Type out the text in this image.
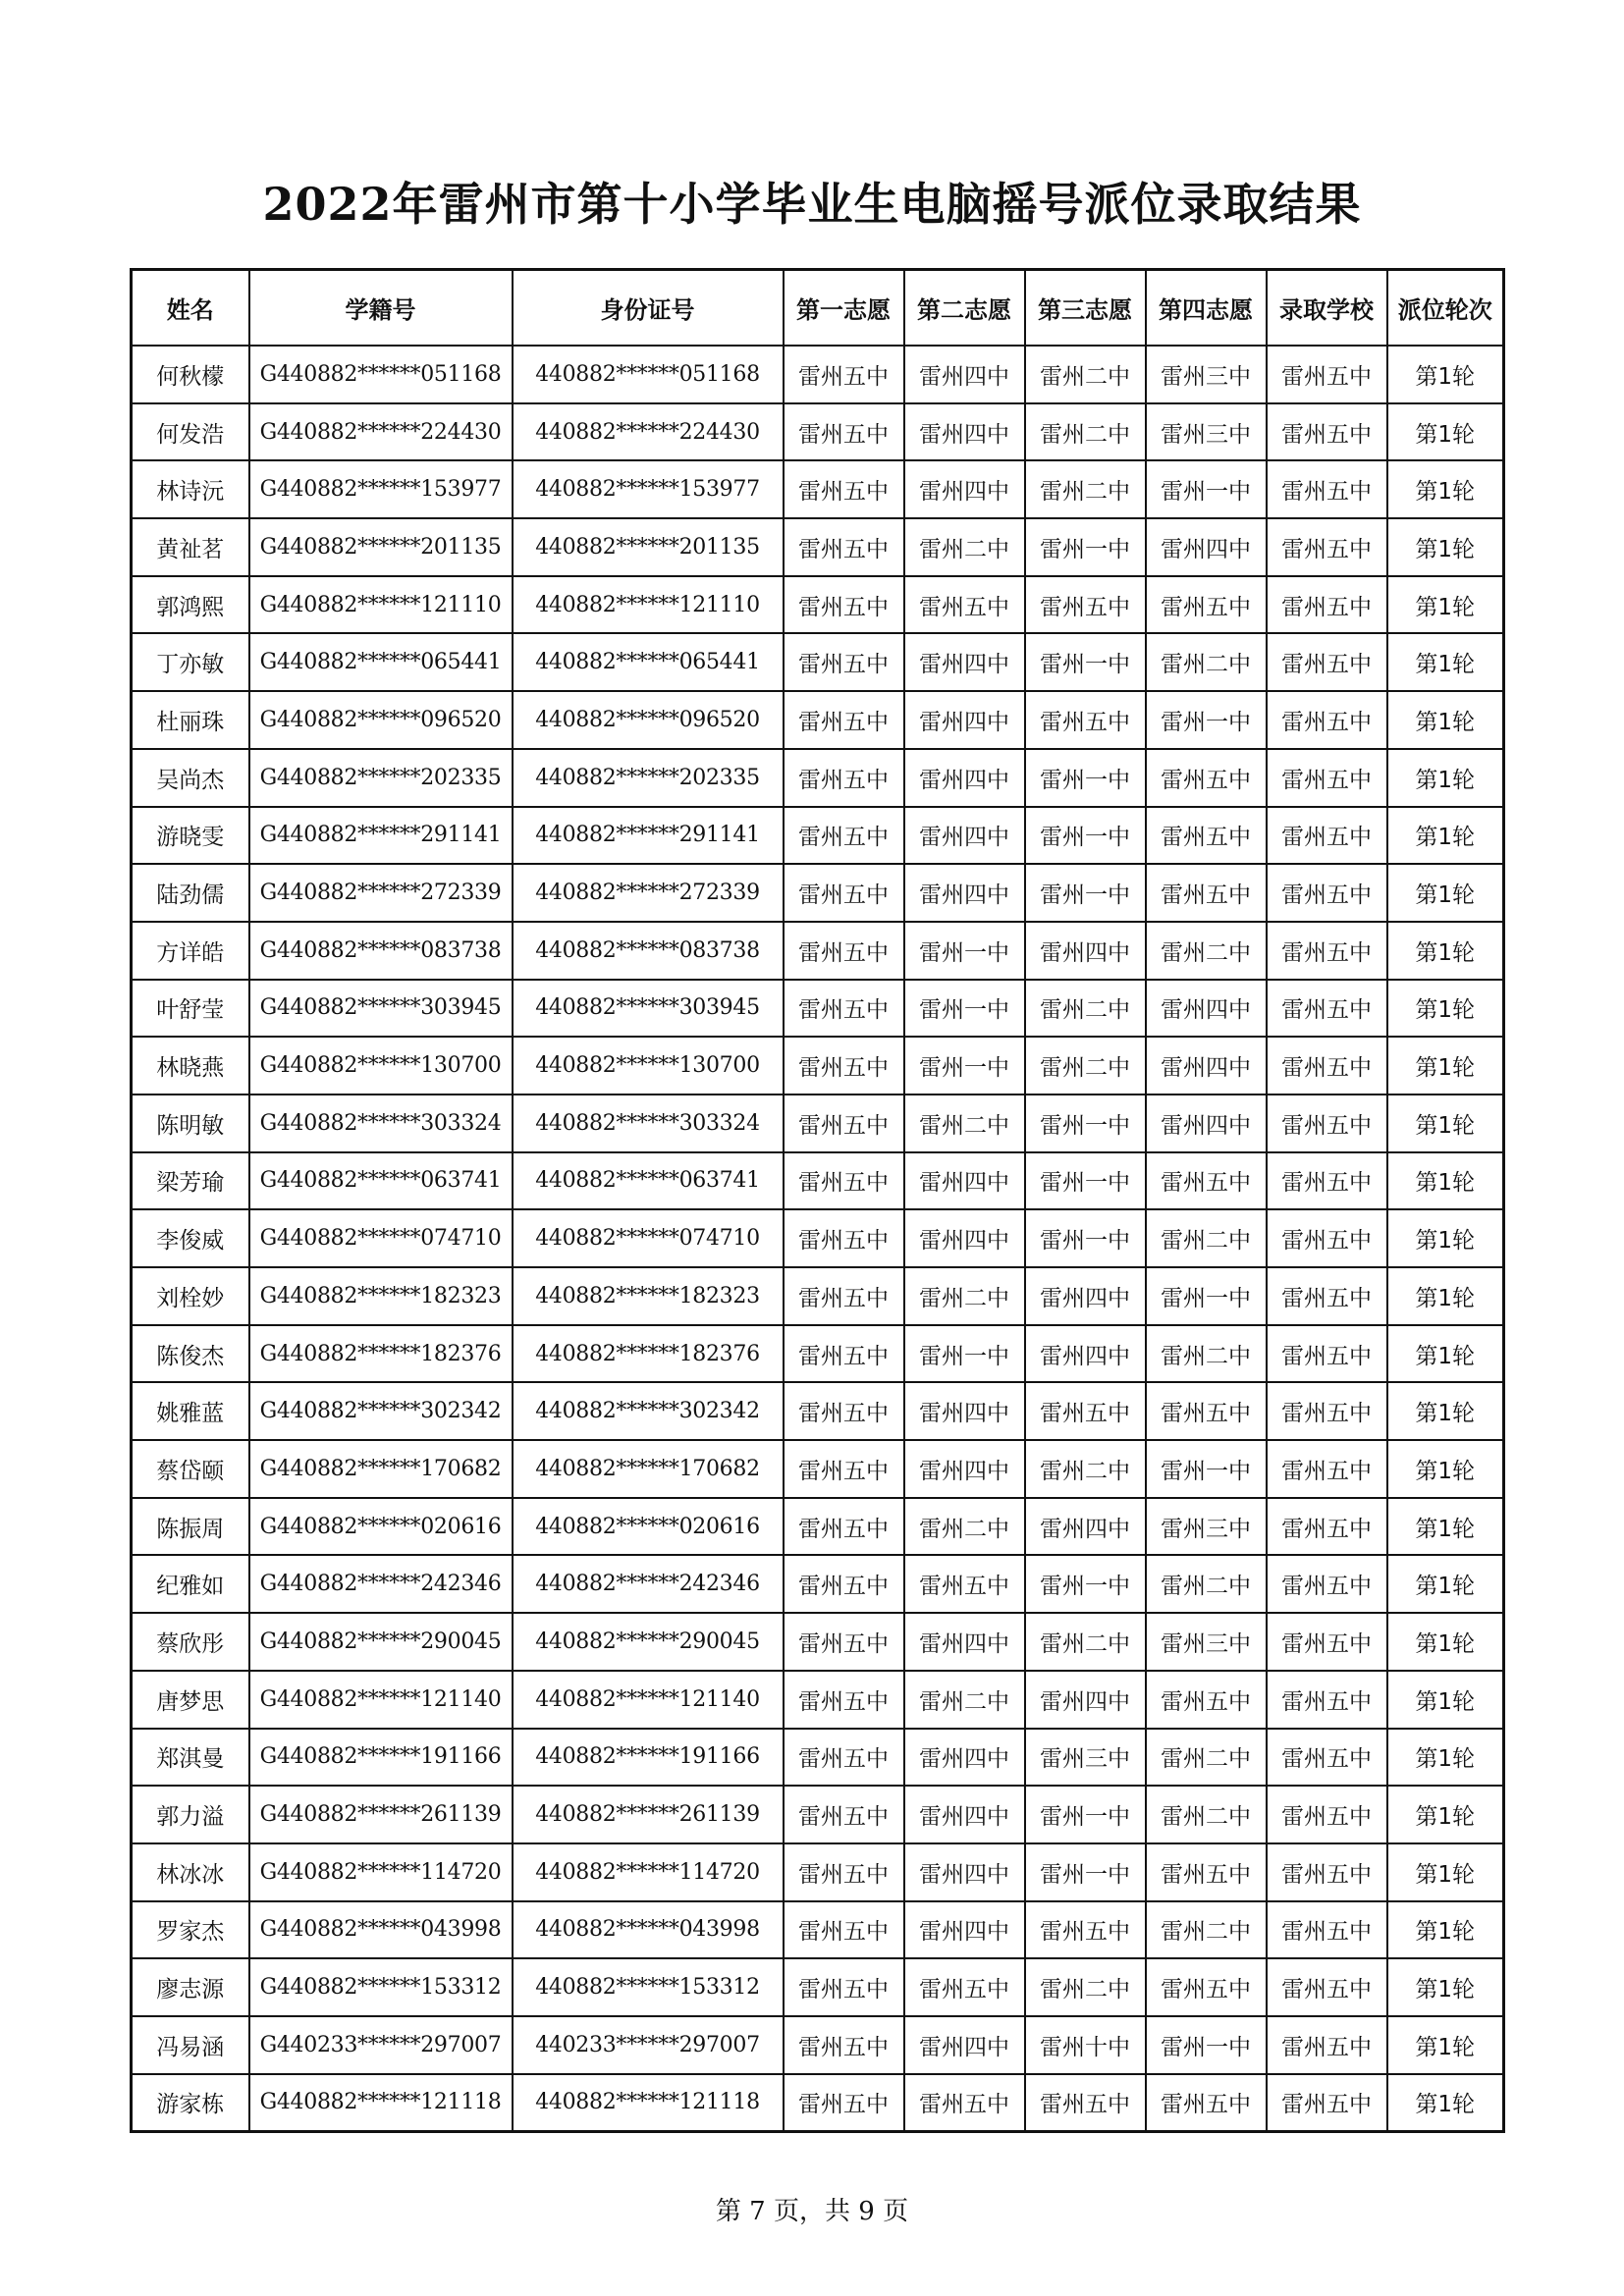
2022年雷州市第十小学毕业生电脑摇号派位录取结果
姓名	学籍号	身份证号	第一志愿	第二志愿	第三志愿	第四志愿	录取学校	派位轮次
何秋檬	G440882******051168	440882******051168	雷州五中	雷州四中	雷州二中	雷州三中	雷州五中	第1轮
何发浩	G440882******224430	440882******224430	雷州五中	雷州四中	雷州二中	雷州三中	雷州五中	第1轮
林诗沅	G440882******153977	440882******153977	雷州五中	雷州四中	雷州二中	雷州一中	雷州五中	第1轮
黄祉茗	G440882******201135	440882******201135	雷州五中	雷州二中	雷州一中	雷州四中	雷州五中	第1轮
郭鸿熙	G440882******121110	440882******121110	雷州五中	雷州五中	雷州五中	雷州五中	雷州五中	第1轮
丁亦敏	G440882******065441	440882******065441	雷州五中	雷州四中	雷州一中	雷州二中	雷州五中	第1轮
杜丽珠	G440882******096520	440882******096520	雷州五中	雷州四中	雷州五中	雷州一中	雷州五中	第1轮
吴尚杰	G440882******202335	440882******202335	雷州五中	雷州四中	雷州一中	雷州五中	雷州五中	第1轮
游晓雯	G440882******291141	440882******291141	雷州五中	雷州四中	雷州一中	雷州五中	雷州五中	第1轮
陆劲儒	G440882******272339	440882******272339	雷州五中	雷州四中	雷州一中	雷州五中	雷州五中	第1轮
方详皓	G440882******083738	440882******083738	雷州五中	雷州一中	雷州四中	雷州二中	雷州五中	第1轮
叶舒莹	G440882******303945	440882******303945	雷州五中	雷州一中	雷州二中	雷州四中	雷州五中	第1轮
林晓燕	G440882******130700	440882******130700	雷州五中	雷州一中	雷州二中	雷州四中	雷州五中	第1轮
陈明敏	G440882******303324	440882******303324	雷州五中	雷州二中	雷州一中	雷州四中	雷州五中	第1轮
梁芳瑜	G440882******063741	440882******063741	雷州五中	雷州四中	雷州一中	雷州五中	雷州五中	第1轮
李俊威	G440882******074710	440882******074710	雷州五中	雷州四中	雷州一中	雷州二中	雷州五中	第1轮
刘栓妙	G440882******182323	440882******182323	雷州五中	雷州二中	雷州四中	雷州一中	雷州五中	第1轮
陈俊杰	G440882******182376	440882******182376	雷州五中	雷州一中	雷州四中	雷州二中	雷州五中	第1轮
姚雅蓝	G440882******302342	440882******302342	雷州五中	雷州四中	雷州五中	雷州五中	雷州五中	第1轮
蔡岱颐	G440882******170682	440882******170682	雷州五中	雷州四中	雷州二中	雷州一中	雷州五中	第1轮
陈振周	G440882******020616	440882******020616	雷州五中	雷州二中	雷州四中	雷州三中	雷州五中	第1轮
纪雅如	G440882******242346	440882******242346	雷州五中	雷州五中	雷州一中	雷州二中	雷州五中	第1轮
蔡欣彤	G440882******290045	440882******290045	雷州五中	雷州四中	雷州二中	雷州三中	雷州五中	第1轮
唐梦思	G440882******121140	440882******121140	雷州五中	雷州二中	雷州四中	雷州五中	雷州五中	第1轮
郑淇曼	G440882******191166	440882******191166	雷州五中	雷州四中	雷州三中	雷州二中	雷州五中	第1轮
郭力溢	G440882******261139	440882******261139	雷州五中	雷州四中	雷州一中	雷州二中	雷州五中	第1轮
林冰冰	G440882******114720	440882******114720	雷州五中	雷州四中	雷州一中	雷州五中	雷州五中	第1轮
罗家杰	G440882******043998	440882******043998	雷州五中	雷州四中	雷州五中	雷州二中	雷州五中	第1轮
廖志源	G440882******153312	440882******153312	雷州五中	雷州五中	雷州二中	雷州五中	雷州五中	第1轮
冯易涵	G440233******297007	440233******297007	雷州五中	雷州四中	雷州十中	雷州一中	雷州五中	第1轮
游家栋	G440882******121118	440882******121118	雷州五中	雷州五中	雷州五中	雷州五中	雷州五中	第1轮
第 7 页，共 9 页
